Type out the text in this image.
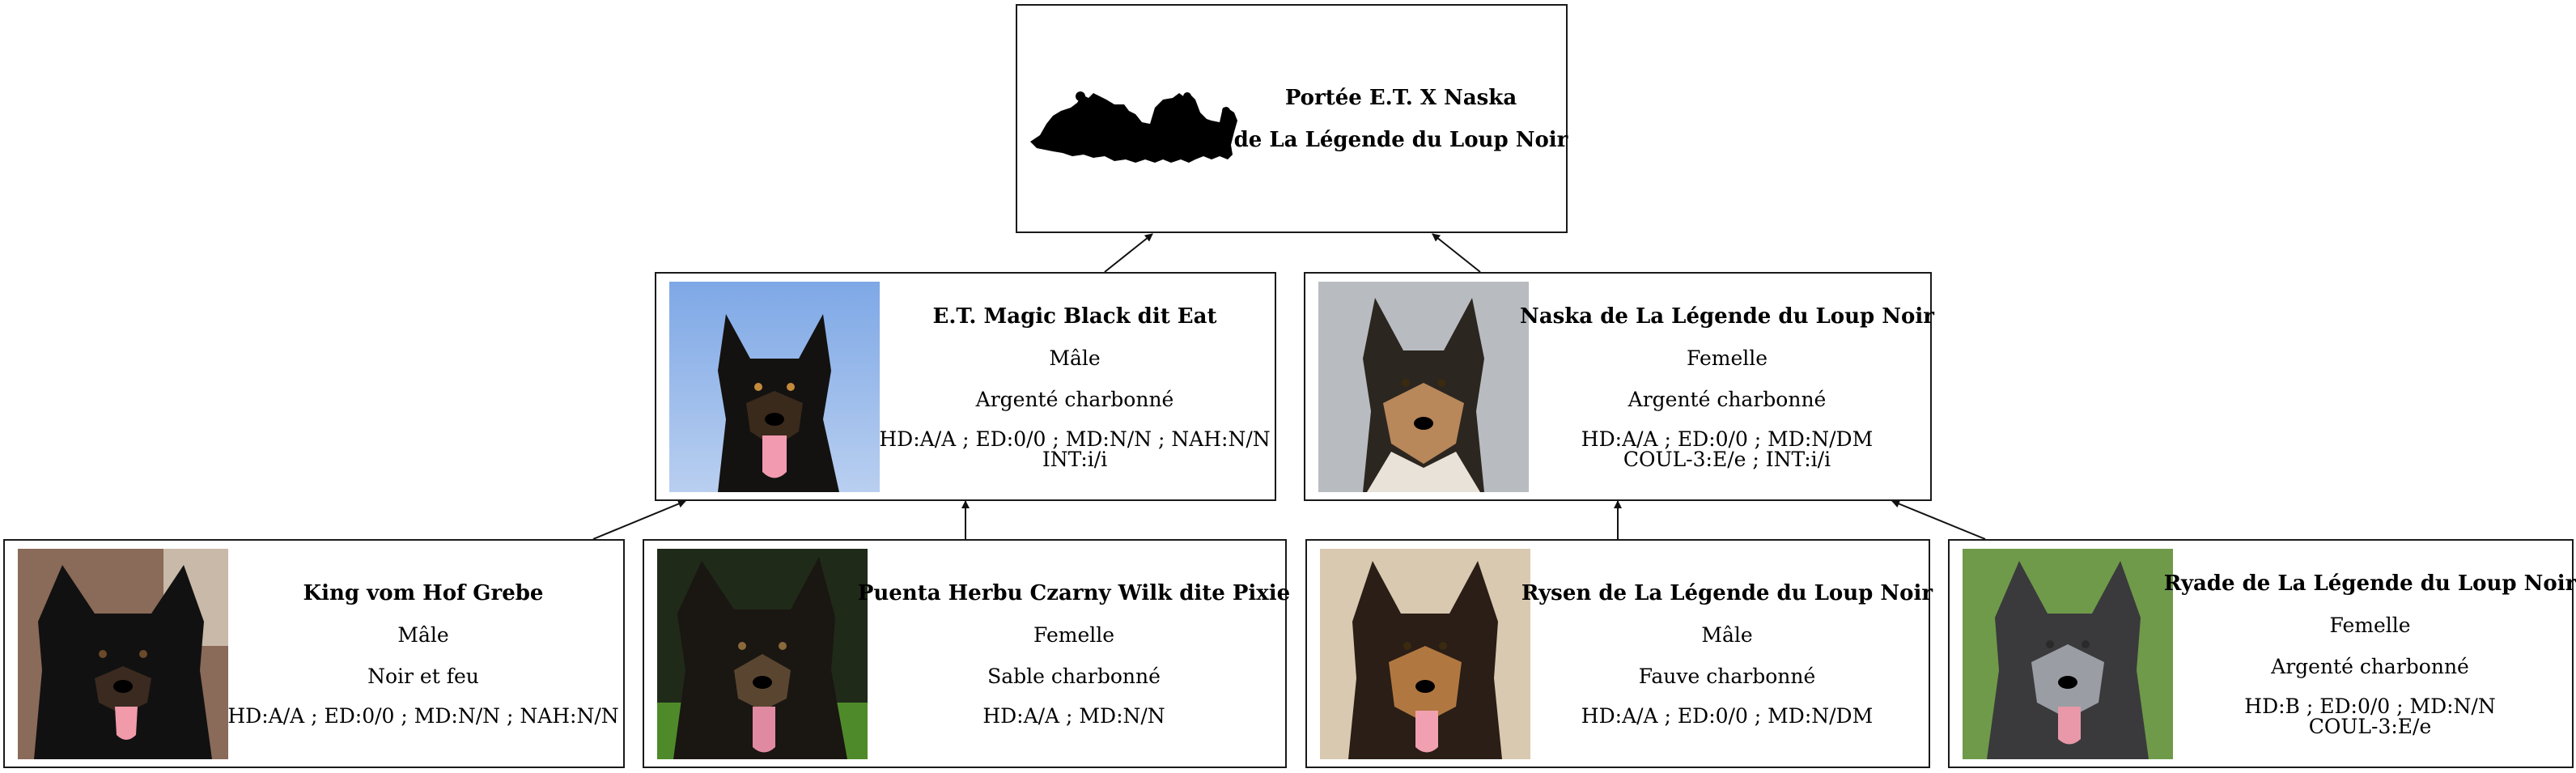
Portée E.T. X Naska
de La Légende du Loup Noir
E.T. Magic Black dit Eat
Mâle
Argenté charbonné
HD:A/A ; ED:0/0 ; MD:N/N ; NAH:N/N
INT:i/i
Naska de La Légende du Loup Noir
Femelle
Argenté charbonné
HD:A/A ; ED:0/0 ; MD:N/DM
COUL-3:E/e ; INT:i/i
King vom Hof Grebe
Mâle
Noir et feu
HD:A/A ; ED:0/0 ; MD:N/N ; NAH:N/N
Puenta Herbu Czarny Wilk dite Pixie
Femelle
Sable charbonné
HD:A/A ; MD:N/N
Rysen de La Légende du Loup Noir
Mâle
Fauve charbonné
HD:A/A ; ED:0/0 ; MD:N/DM
Ryade de La Légende du Loup Noir
Femelle
Argenté charbonné
HD:B ; ED:0/0 ; MD:N/N
COUL-3:E/e
